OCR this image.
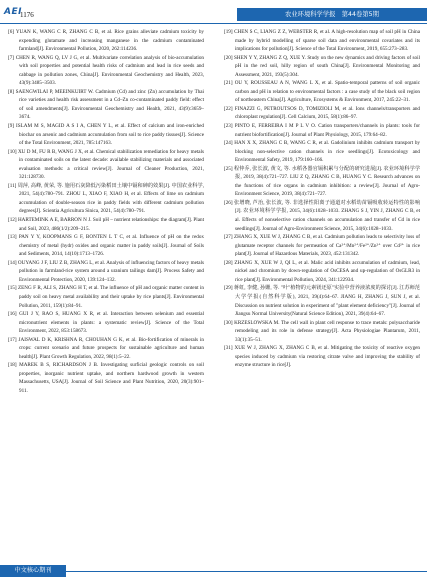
AEI
1176	农业环境科学学报　第44卷第5期
[6] YUAN K, WANG C R, ZHANG C B, et al. Rice grains alleviate cadmium toxicity by expending glutamate and increasing manganese in the cadmium contaminated farmland[J]. Environmental Pollution, 2020, 262:114236.
[7] CHEN R, WANG Q, LV J G, et al. Multivariate correlation analysis of bio-accumulation with soil properties and potential health risks of cadmium and lead in rice seeds and cabbage in pollution zones, China[J]. Environmental Geochemistry and Health, 2023, 43(9):3485–3503.
[8] SAENGWILAI P, MEEINKUIRT W. Cadmium (Cd) and zinc (Zn) accumulation by Thai rice varieties and health risk assessment in a Cd–Zn co-contaminated paddy field: effect of soil amendments[J]. Environmental Geochemistry and Health, 2021, 43(9):3659–3674.
[9] ISLAM M S, MAGID A S I A, CHEN Y L, et al. Effect of calcium and iron-enriched biochar on arsenic and cadmium accumulation from soil to rice paddy tissues[J]. Science of the Total Environment, 2021, 785:147163.
[10] XU D M, FU R B, WANG J X, et al. Chemical stabilization remediation for heavy metals in contaminated soils on the latest decade: available stabilizing materials and associated evaluation methods: a critical review[J]. Journal of Cleaner Production, 2021, 321:128730.
[11] 周萍, 高峰, 黄荣, 等. 施用石灰降低污染稻田土壤中镉和砷的效果[J]. 中国农业科学, 2021, 54(4):780–791. ZHOU L, XIAO F, XIAO H, et al. Effects of lime on cadmium accumulation of double-season rice in paddy fields with different cadmium pollution degrees[J]. Scientia Agricultura Sinica, 2021, 54(4):780–791.
[12] HARTEMINK A E, BARRON N J. Soil pH – nutrient relationships: the diagram[J]. Plant and Soil, 2023, 486(1/2):209–215.
[13] PAN Y Y, KOOPMANS G F, BONTEN L T C, et al. Influence of pH on the redox chemistry of metal (hydr) oxides and organic matter in paddy soils[J]. Journal of Soils and Sediments, 2014, 14(10):1713–1726.
[14] OUYANG J F, LIU Z B, ZHANG L, et al. Analysis of influencing factors of heavy metals pollution in farmland-rice system around a uranium tailings dam[J]. Process Safety and Environmental Protection, 2020, 139:124–132.
[15] ZENG F R, ALI S, ZHANG H T, et al. The influence of pH and organic matter content in paddy soil on heavy metal availability and their uptake by rice plants[J]. Environmental Pollution, 2011, 159(1):84–91.
[16] GUI J Y, RAO S, HUANG X R, et al. Interaction between selenium and essential micronutrient elements in plants: a systematic review[J]. Science of the Total Environment, 2022, 853:158673.
[17] JAISWAL D K, KRISHNA R, CHOUHAN G K, et al. Bio-fortification of minerals in crops: current scenario and future prospects for sustainable agriculture and human health[J]. Plant Growth Regulation, 2022, 98(1):5–22.
[18] MAREK B S, RICHARDSON J B. Investigating surficial geologic controls on soil properties, inorganic nutrient uptake, and northern hardwood growth in western Massachusetts, USA[J]. Journal of Soil Science and Plant Nutrition, 2020, 20(3):901–911.
[19] CHEN S C, LIANG Z Z, WEBSTER R, et al. A high-resolution map of soil pH in China made by hybrid modelling of sparse soil data and environmental covariates and its implications for pollution[J]. Science of the Total Environment, 2019, 655:273–283.
[20] SHEN Y Y, ZHANG Z Q, XUE Y. Study on the new dynamics and driving factors of soil pH in the red soil, hilly region of south China[J]. Environmental Monitoring and Assessment, 2021, 193(5):304.
[21] OU Y, ROUSSEAU A N, WANG L X, et al. Spatio-temporal patterns of soil organic carbon and pH in relation to environmental factors : a case study of the black soil region of northeastern China[J]. Agriculture, Ecosystems & Environment, 2017, 245:22–31.
[22] FINAZZI G, PETROUTSOS D, TOMIZIOLI M, et al. Ions channels/transporters and chloroplast regulation[J]. Cell Calcium, 2015, 58(1):86–97.
[23] PINTO E, FERREIRA I M P L V O. Cation transporters/channels in plants: tools for nutrient biofortification[J]. Journal of Plant Physiology, 2015, 179:64–82.
[24] HAN X X, ZHANG C B, WANG C R, et al. Gadolinium inhibits cadmium transport by blocking non-selective cation channels in rice seedlings[J]. Ecotoxicology and Environmental Safety, 2019, 179:160–166.
[25] 程仲乔, 张长波, 黄文, 等. 水稻各器官镉积累与分配的研究进展[J]. 农业环境科学学报, 2019, 38(4):721–727. LIU Z Q, ZHANG C B, HUANG Y C. Research advances on the functions of rice organs in cadmium inhibition: a review[J]. Journal of Agro-Environment Science, 2019, 38(4):721–727.
[26] 张增晓, 芦治, 张长波, 等. 非选择性阳离子通道对水稻幼苗镉吸收转运特性的影响[J]. 农业环境科学学报, 2015, 34(6):1028–1033. ZHANG S J, YIN J, ZHANG C B, et al. Effects of nonselective cation channels on accumulation and transfer of Cd in rice seedlings[J]. Journal of Agro-Environment Science, 2015, 34(6):1028–1033.
[27] ZHANG X, XUE W J, ZHANG C B, et al. Cadmium pollution leads to selectivity loss of glutamate receptor channels for permeation of Ca²⁺/Mn²⁺/Fe²⁺/Zn²⁺ over Cd²⁺ in rice plant[J]. Journal of Hazardous Materials, 2023, 452:131342.
[28] ZHANG X, XUE W J, QI L, et al. Malic acid inhibits accumulation of cadmium, lead, nickel and chromium by down-regulation of OsCESA and up-regulation of OsGLR3 in rice plant[J]. Environmental Pollution, 2024, 341:122934.
[29] 蒋虹, 李健, 孙姗, 等. "叶"植物的元素镁还原"实验中营养液浓度的探讨[J]. 江苏师范大学学报(自然科学版), 2021, 39(4):64–67. JIANG H, ZHANG J, SUN J, et al. Discussion on nutrient solution in experiment of "plant element deficiency"[J]. Journal of Jiangsu Normal University(Natural Science Edition), 2021, 39(4):64–67.
[30] KRZESLOWSKA M. The cell wall in plant cell response to trace metals: polysaccharide remodeling and its role in defense strategy[J]. Acta Physiologiae Plantarum, 2011, 33(1):35–51.
[31] XUE W J, ZHANG X, ZHANG C B, et al. Mitigating the toxicity of reactive oxygen species induced by cadmium via restoring citrate valve and improving the stability of enzyme structure in rice[J].
中文核心期刊
